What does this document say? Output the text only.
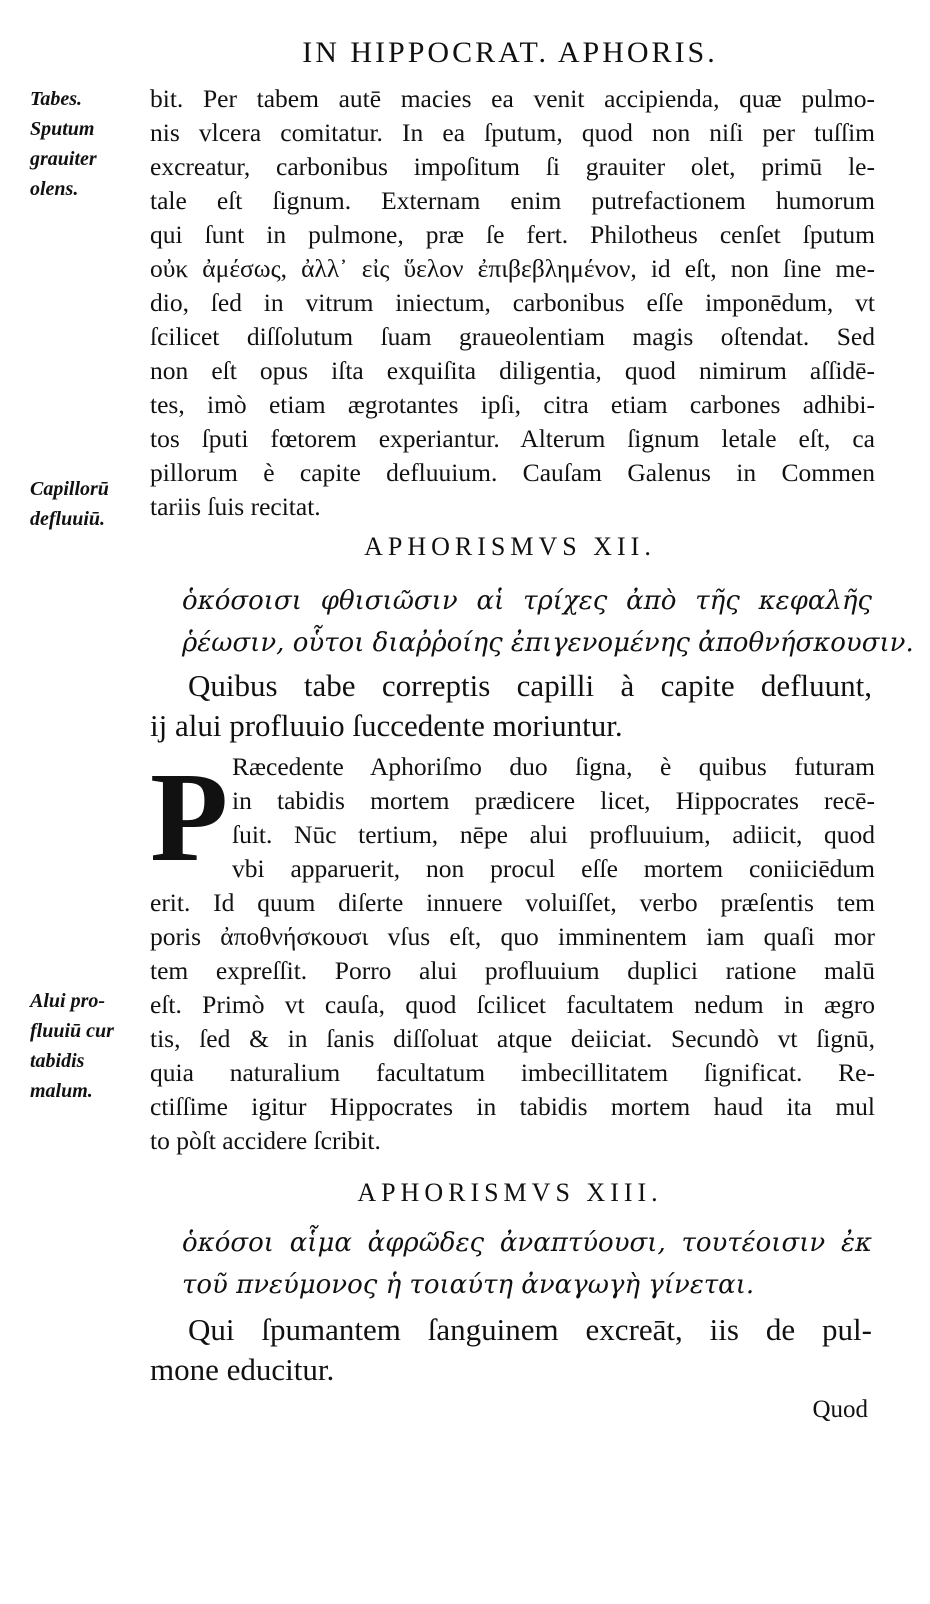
IN HIPPOCRAT. APHORIS.
Tabes.
Sputum
grauiter
olens.
Capillorū
defluuiū.
Alui pro-
fluuiū cur
tabidis
malum.
bit. Per tabem autē macies ea venit accipienda, quæ pulmo-
nis vlcera comitatur. In ea ſputum, quod non niſi per tuſſim
excreatur, carbonibus impoſitum ſi grauiter olet, primū le-
tale eſt ſignum. Externam enim putrefactionem humorum
qui ſunt in pulmone, præ ſe fert. Philotheus cenſet ſputum
οὐκ ἀμέσως, ἀλλ᾽ εἰς ὕελον ἐπιβεβλημένον, id eſt, non ſine me-
dio, ſed in vitrum iniectum, carbonibus eſſe imponēdum, vt
ſcilicet diſſolutum ſuam graueolentiam magis oſtendat. Sed
non eſt opus iſta exquiſita diligentia, quod nimirum aſſidē-
tes, imò etiam ægrotantes ipſi, citra etiam carbones adhibi-
tos ſputi fœtorem experiantur. Alterum ſignum letale eſt, ca
pillorum è capite defluuium. Cauſam Galenus in Commen
tariis ſuis recitat.
APHORISMVS XII.
ὁκόσοισι φθισιῶσιν αἱ τρίχες ἀπὸ τῆς κεφαλῆς
ῥέωσιν, οὗτοι διαῤῥοίης ἐπιγενομένης ἀποθνήσκουσιν.
Quibus tabe correptis capilli à capite defluunt,
ij alui profluuio ſuccedente moriuntur.
P Ræcedente Aphoriſmo duo ſigna, è quibus futuram
in tabidis mortem prædicere licet, Hippocrates recē-
ſuit. Nūc tertium, nēpe alui profluuium, adiicit, quod
vbi apparuerit, non procul eſſe mortem coniiciēdum
erit. Id quum diſerte innuere voluiſſet, verbo præſentis tem
poris ἀποθνήσκουσι vſus eſt, quo imminentem iam quaſi mor
tem expreſſit. Porro alui profluuium duplici ratione malū
eſt. Primò vt cauſa, quod ſcilicet facultatem nedum in ægro
tis, ſed & in ſanis diſſoluat atque deiiciat. Secundò vt ſignū,
quia naturalium facultatum imbecillitatem ſignificat. Re-
ctiſſime igitur Hippocrates in tabidis mortem haud ita mul
to pòſt accidere ſcribit.
APHORISMVS XIII.
ὁκόσοι αἷμα ἀφρῶδες ἀναπτύουσι, τουτέοισιν ἐκ
τοῦ πνεύμονος ἡ τοιαύτη ἀναγωγὴ γίνεται.
Qui ſpumantem ſanguinem excreāt, iis de pul-
mone educitur.
Quod
